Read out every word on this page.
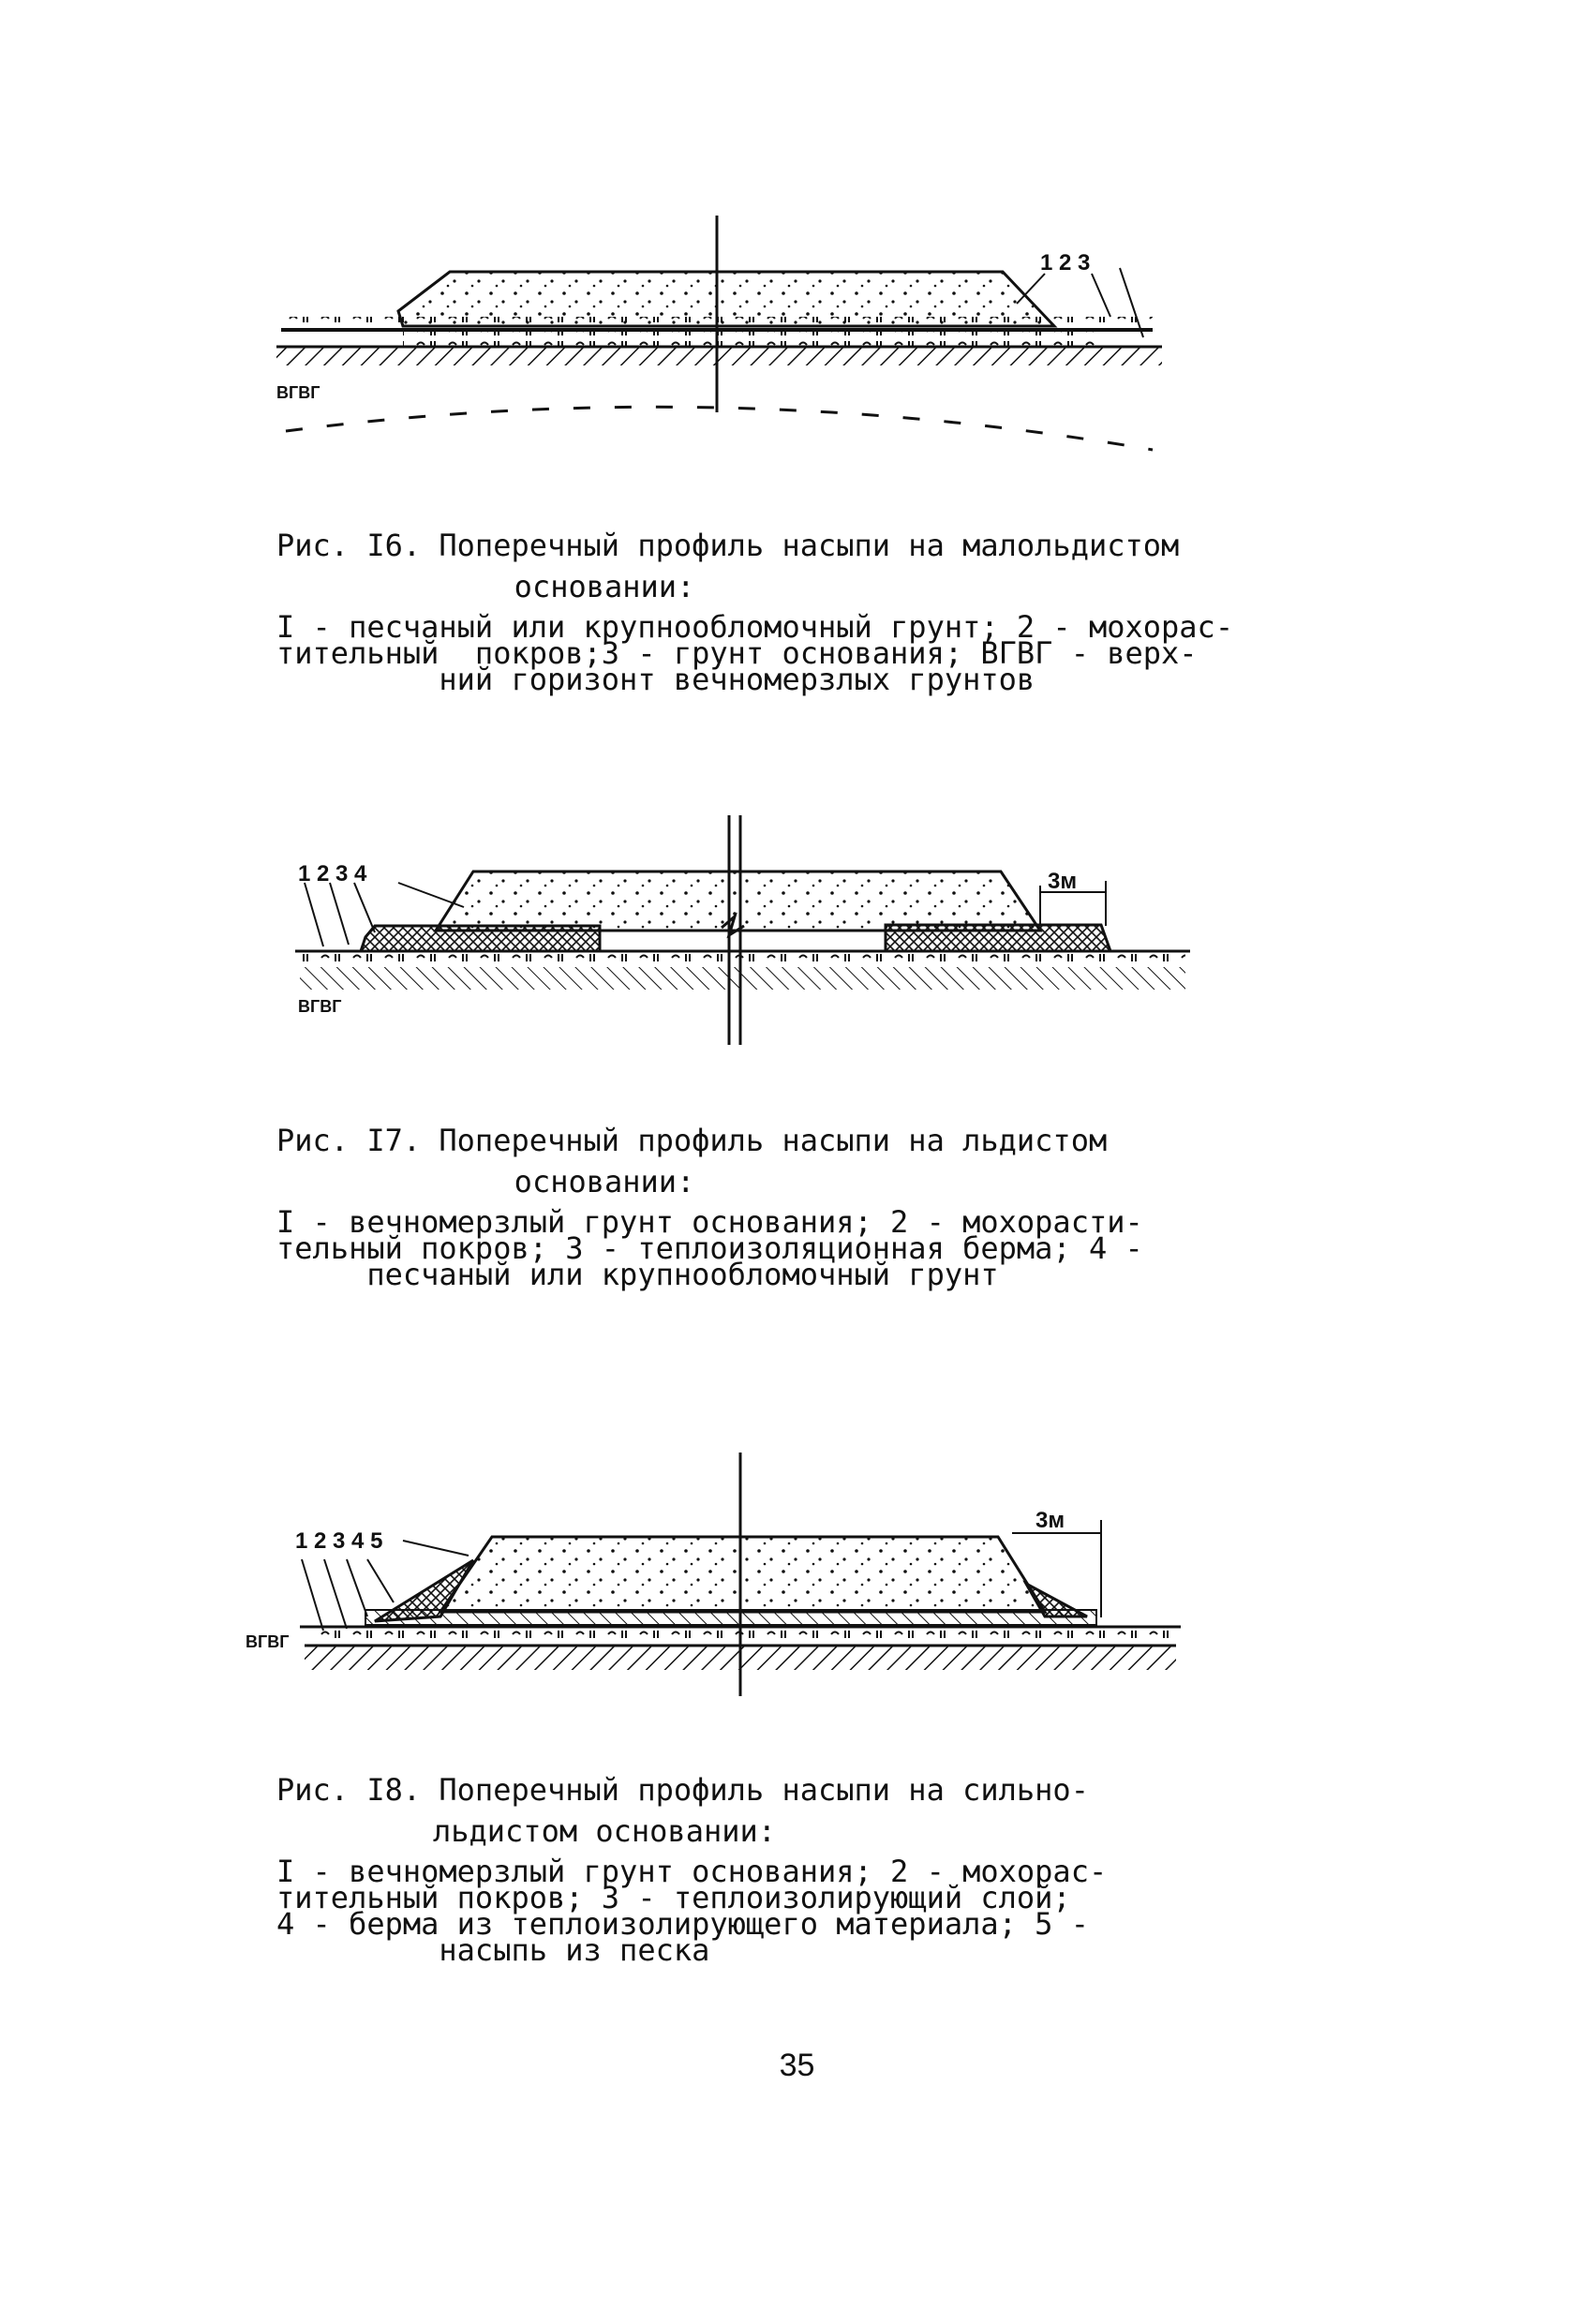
1 2 3
ВГВГ
Рис. I6. Поперечный профиль насыпи на малольдистом
основании:
I - песчаный или крупнообломочный грунт; 2 - мохорас-
тительный  покров;3 - грунт основания; ВГВГ - верх-
ний горизонт вечномерзлых грунтов
3м
1 2 3 4
ВГВГ
Рис. I7. Поперечный профиль насыпи на льдистом
основании:
I - вечномерзлый грунт основания; 2 - мохорасти-
тельный покров; 3 - теплоизоляционная берма; 4 -
песчаный или крупнообломочный грунт
3м
1 2 3 4 5
ВГВГ
Рис. I8. Поперечный профиль насыпи на сильно-
льдистом основании:
I - вечномерзлый грунт основания; 2 - мохорас-
тительный покров; 3 - теплоизолирующий слой;
4 - берма из теплоизолирующего материала; 5 -
насыпь из песка
35
